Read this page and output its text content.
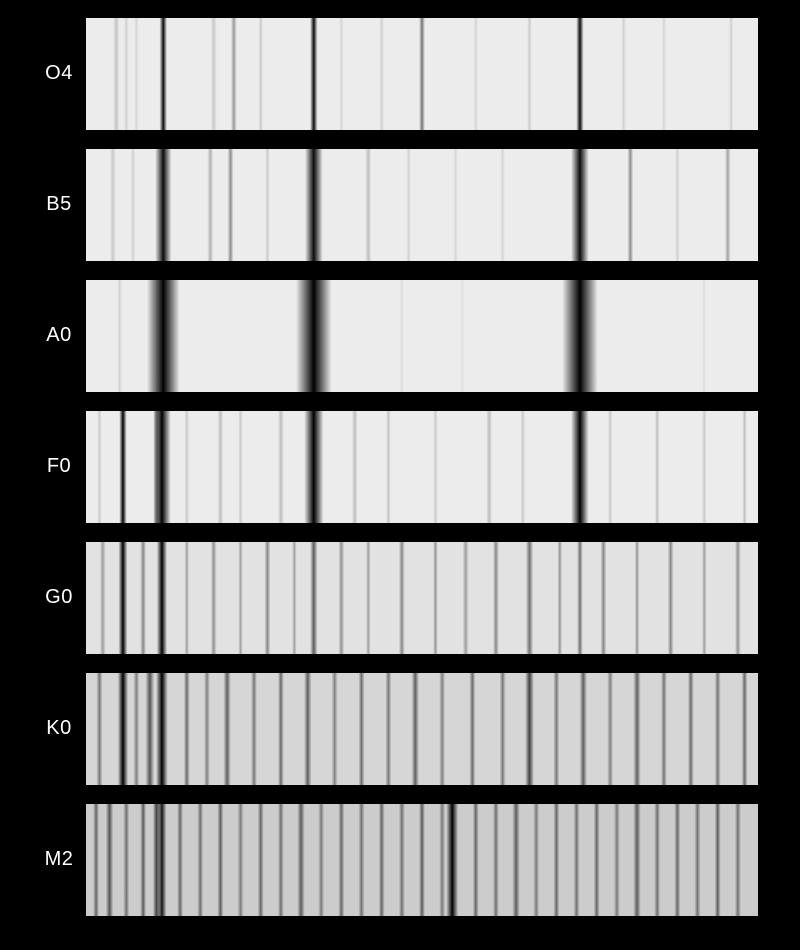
O4
B5
A0
F0
G0
K0
M2
